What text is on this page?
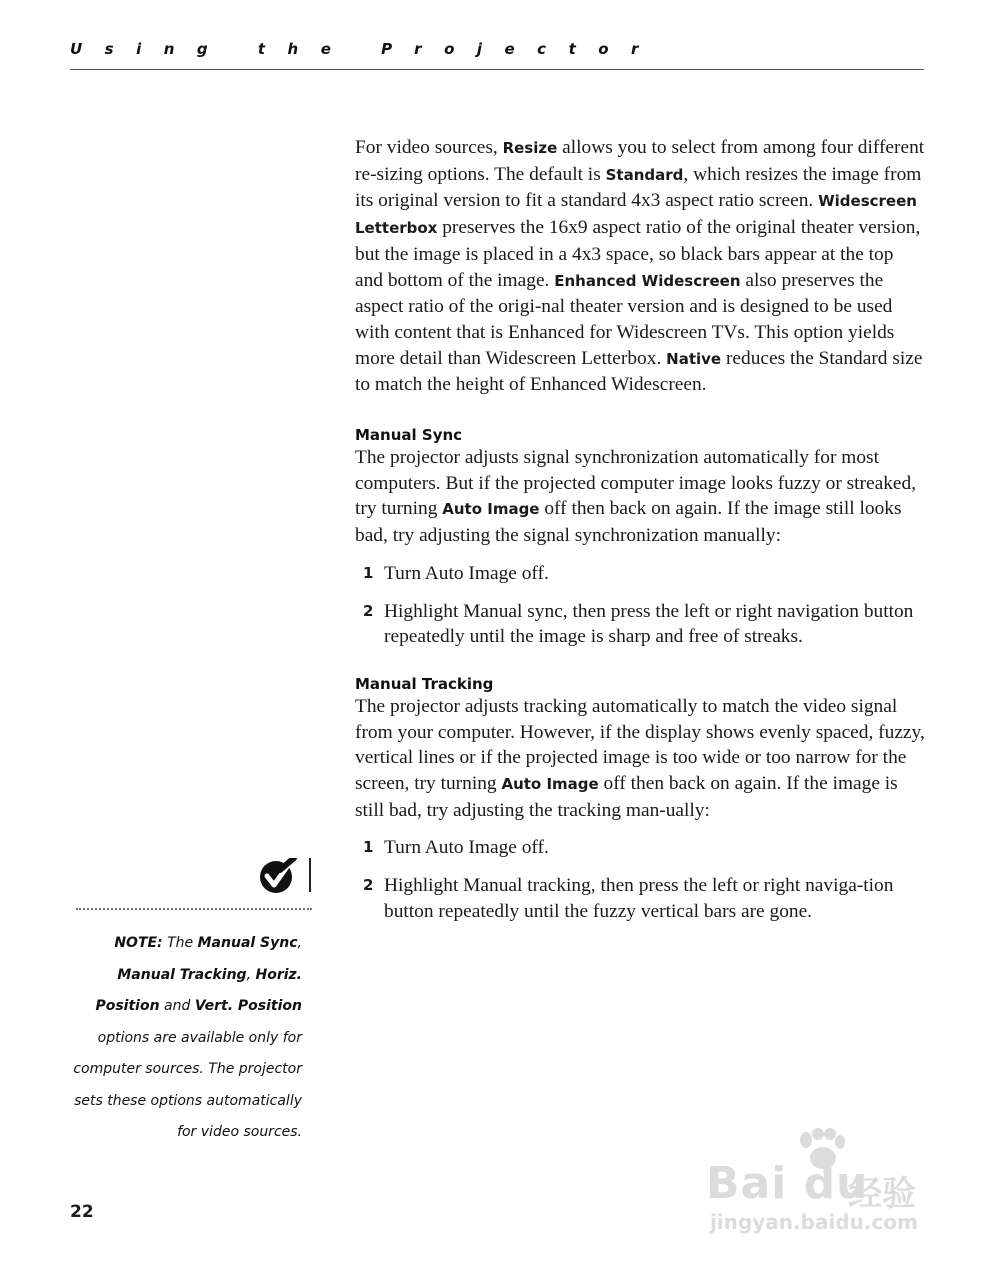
Using the Projector

For video sources, Resize allows you to select from among four different re-sizing options. The default is Standard, which resizes the image from its original version to fit a standard 4x3 aspect ratio screen. Widescreen Letterbox preserves the 16x9 aspect ratio of the original theater version, but the image is placed in a 4x3 space, so black bars appear at the top and bottom of the image. Enhanced Widescreen also preserves the aspect ratio of the origi-nal theater version and is designed to be used with content that is Enhanced for Widescreen TVs. This option yields more detail than Widescreen Letterbox. Native reduces the Standard size to match the height of Enhanced Widescreen.

Manual Sync

The projector adjusts signal synchronization automatically for most computers. But if the projected computer image looks fuzzy or streaked, try turning Auto Image off then back on again. If the image still looks bad, try adjusting the signal synchronization manually:

1 Turn Auto Image off.
2 Highlight Manual sync, then press the left or right navigation button repeatedly until the image is sharp and free of streaks.
Manual Tracking

The projector adjusts tracking automatically to match the video signal from your computer. However, if the display shows evenly spaced, fuzzy, vertical lines or if the projected image is too wide or too narrow for the screen, try turning Auto Image off then back on again. If the image is still bad, try adjusting the tracking man-ually:

1 Turn Auto Image off.
2 Highlight Manual tracking, then press the left or right naviga-tion button repeatedly until the fuzzy vertical bars are gone.
NOTE: The Manual Sync, Manual Tracking, Horiz. Position and Vert. Position options are available only for computer sources. The projector sets these options automatically for video sources.
22
Bai du
经验
jingyan.baidu.com
